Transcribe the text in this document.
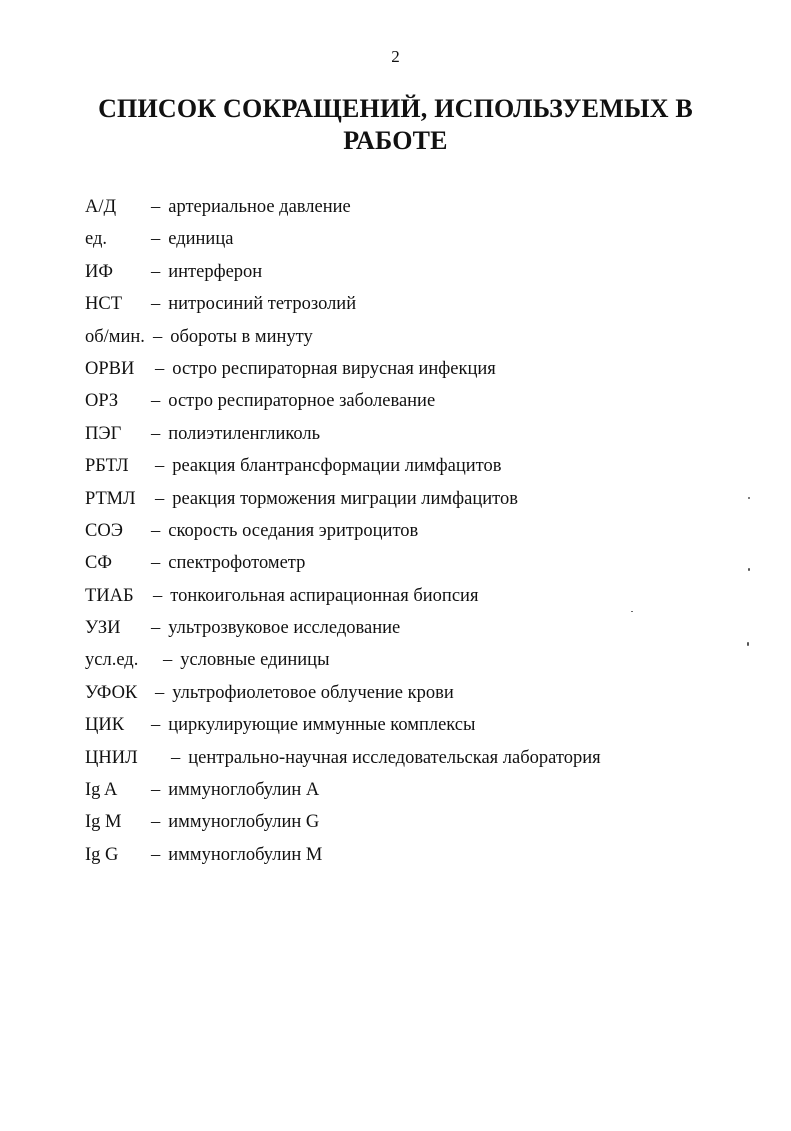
2
СПИСОК СОКРАЩЕНИЙ, ИСПОЛЬЗУЕМЫХ В РАБОТЕ
А/Д – артериальное давление
ед. – единица
ИФ – интерферон
НСТ – нитросиний тетрозолий
об/мин. – обороты в минуту
ОРВИ – остро респираторная вирусная инфекция
ОРЗ – остро респираторное заболевание
ПЭГ – полиэтиленгликоль
РБТЛ – реакция блантрансформации лимфацитов
РТМЛ – реакция торможения миграции лимфацитов
СОЭ – скорость оседания эритроцитов
СФ – спектрофотометр
ТИАБ – тонкоигольная аспирационная биопсия
УЗИ – ультрозвуковое исследование
усл.ед. – условные единицы
УФОК – ультрофиолетовое облучение крови
ЦИК – циркулирующие иммунные комплексы
ЦНИЛ – центрально-научная исследовательская лаборатория
Ig A – иммуноглобулин А
Ig M – иммуноглобулин G
Ig G – иммуноглобулин М
